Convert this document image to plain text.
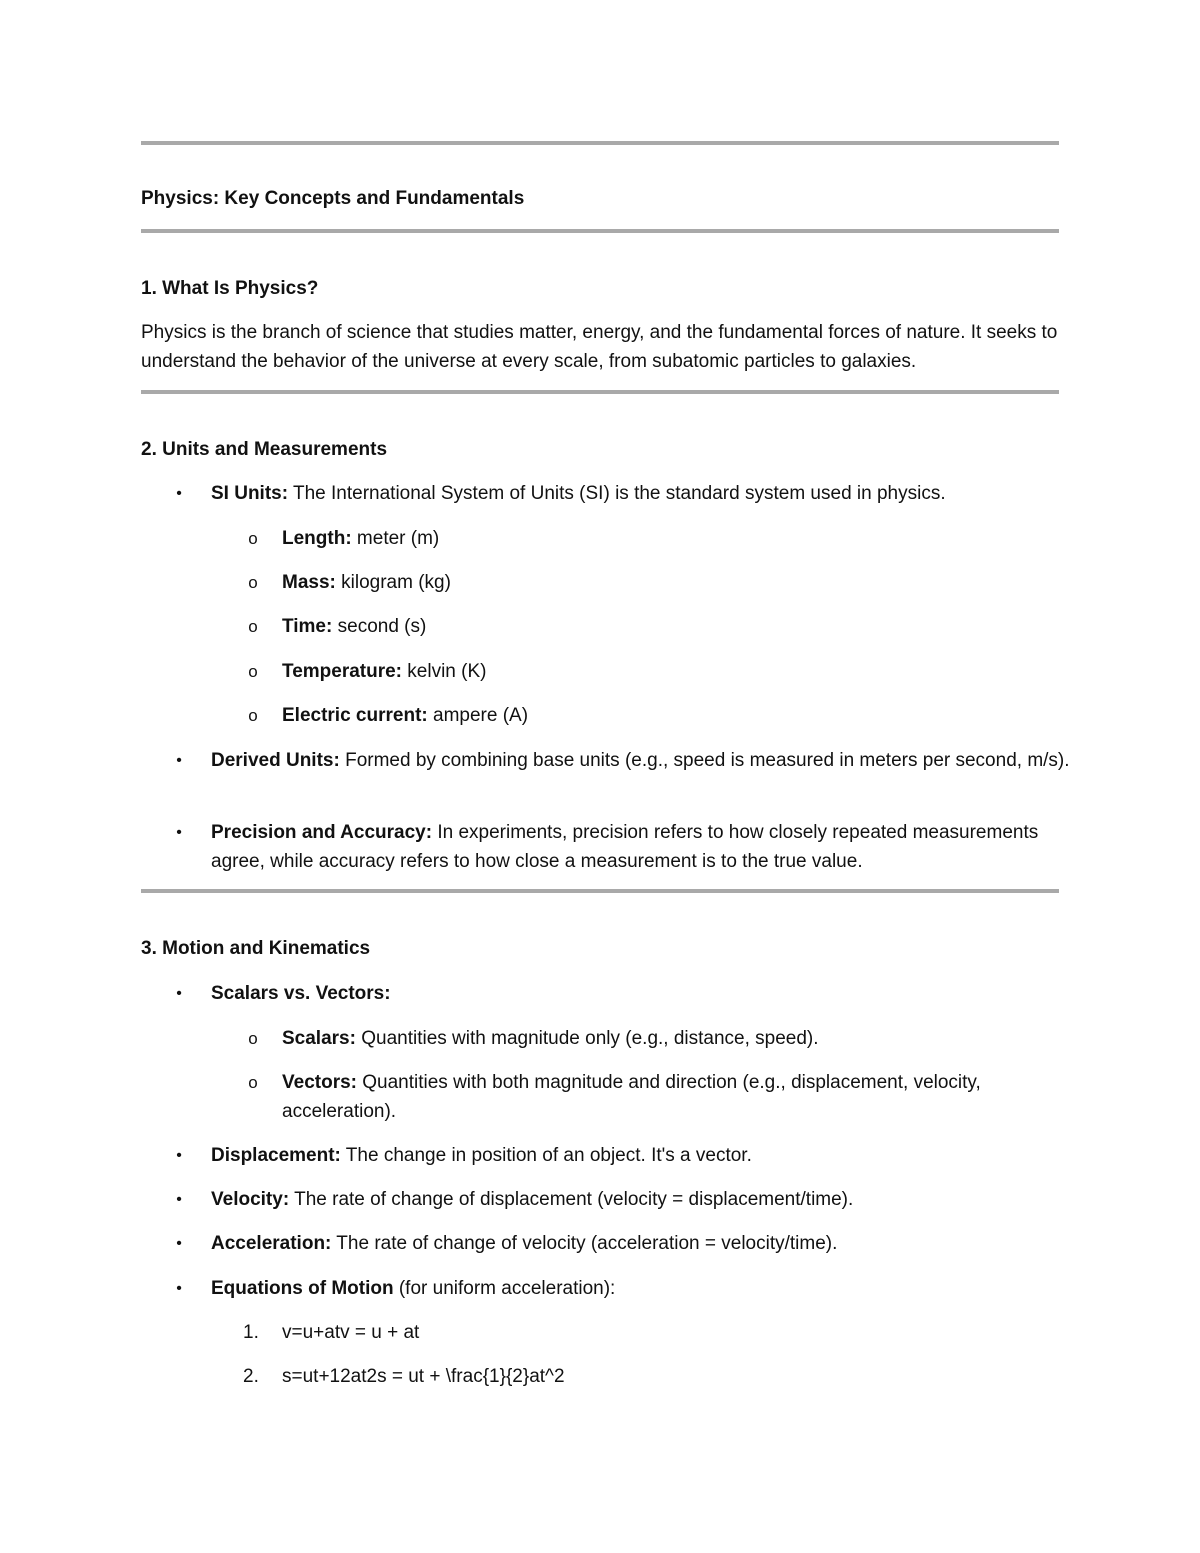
Physics: Key Concepts and Fundamentals
1. What Is Physics?
Physics is the branch of science that studies matter, energy, and the fundamental forces of nature. It seeks to understand the behavior of the universe at every scale, from subatomic particles to galaxies.
2. Units and Measurements
• SI Units: The International System of Units (SI) is the standard system used in physics.
o Length: meter (m)
o Mass: kilogram (kg)
o Time: second (s)
o Temperature: kelvin (K)
o Electric current: ampere (A)
• Derived Units: Formed by combining base units (e.g., speed is measured in meters per second, m/s).
• Precision and Accuracy: In experiments, precision refers to how closely repeated measurements agree, while accuracy refers to how close a measurement is to the true value.
3. Motion and Kinematics
• Scalars vs. Vectors:
o Scalars: Quantities with magnitude only (e.g., distance, speed).
o Vectors: Quantities with both magnitude and direction (e.g., displacement, velocity, acceleration).
• Displacement: The change in position of an object. It's a vector.
• Velocity: The rate of change of displacement (velocity = displacement/time).
• Acceleration: The rate of change of velocity (acceleration = velocity/time).
• Equations of Motion (for uniform acceleration):
1. v=u+atv = u + at
2. s=ut+12at2s = ut + \frac{1}{2}at^2
